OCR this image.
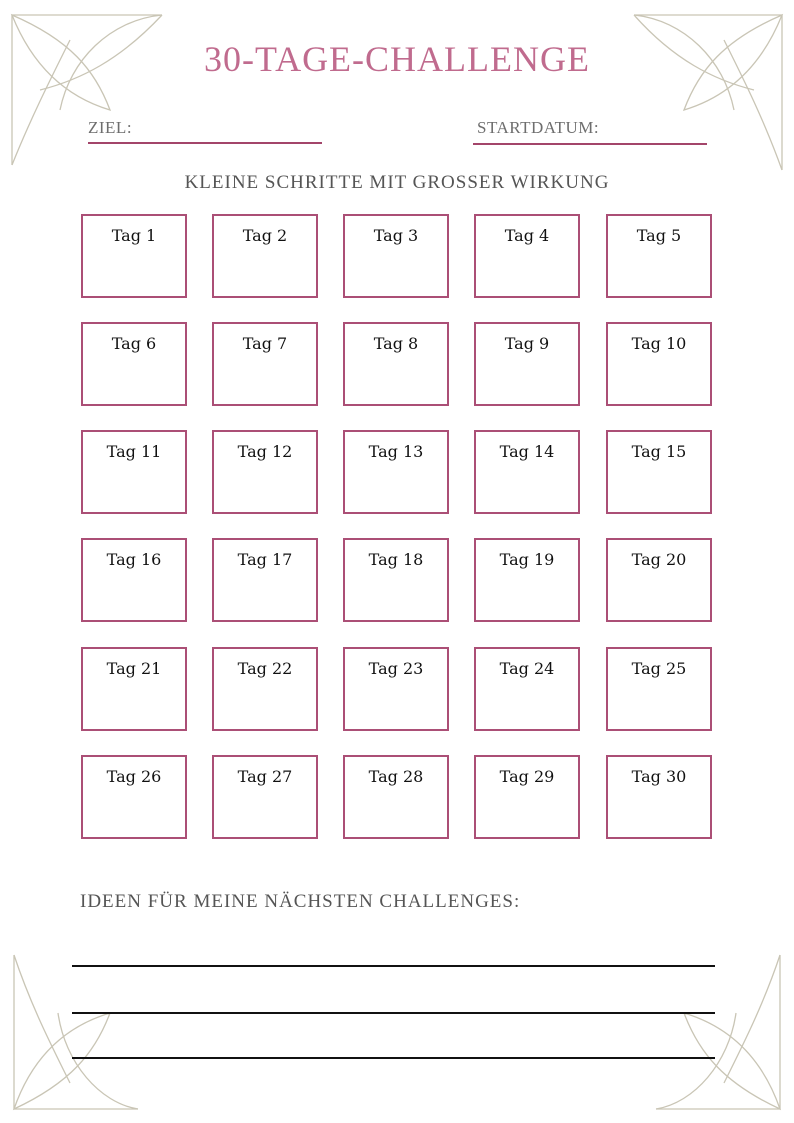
30-TAGE-CHALLENGE
ZIEL:	STARTDATUM:
KLEINE SCHRITTE MIT GROSSER WIRKUNG
Tag 1	Tag 2	Tag 3	Tag 4	Tag 5
Tag 6	Tag 7	Tag 8	Tag 9	Tag 10
Tag 11	Tag 12	Tag 13	Tag 14	Tag 15
Tag 16	Tag 17	Tag 18	Tag 19	Tag 20
Tag 21	Tag 22	Tag 23	Tag 24	Tag 25
Tag 26	Tag 27	Tag 28	Tag 29	Tag 30
IDEEN FÜR MEINE NÄCHSTEN CHALLENGES:
